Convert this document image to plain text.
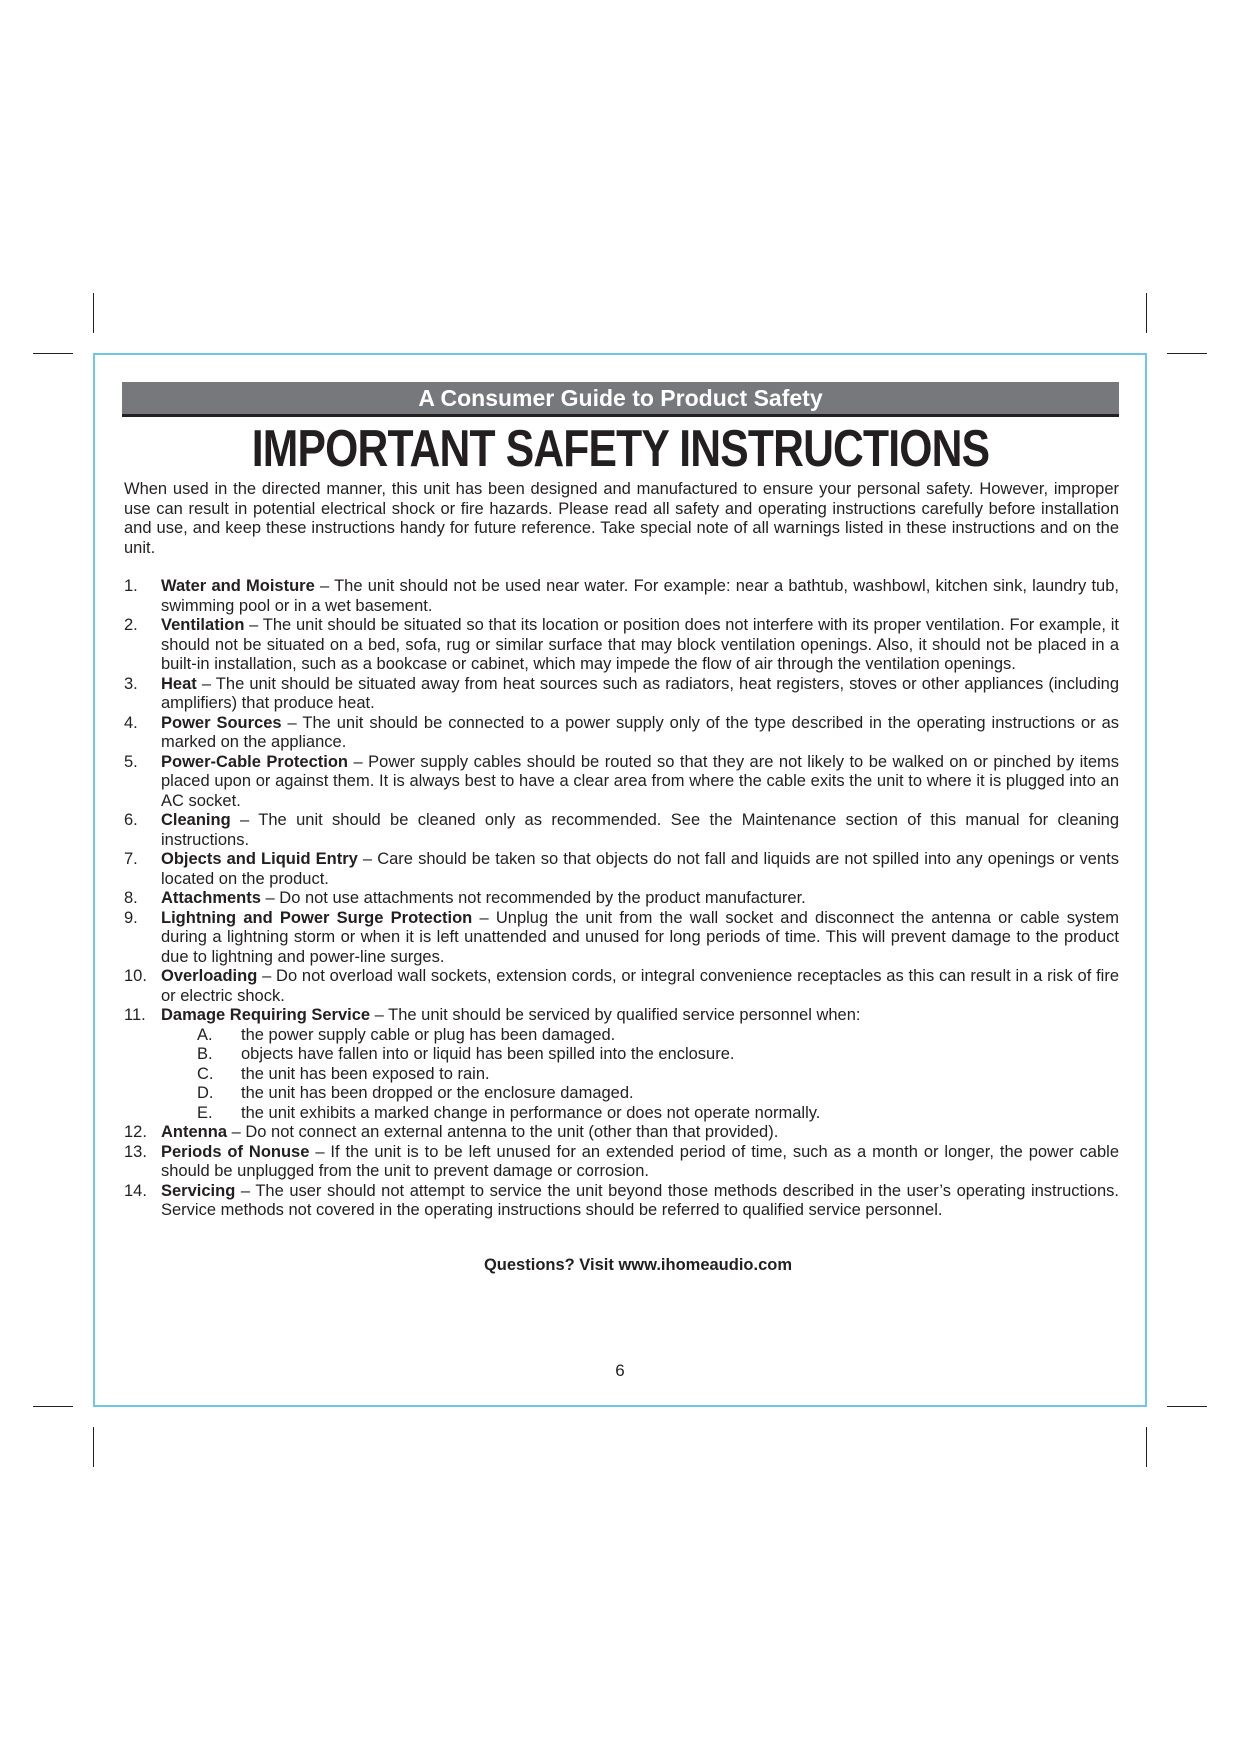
A Consumer Guide to Product Safety
IMPORTANT SAFETY INSTRUCTIONS

When used in the directed manner, this unit has been designed and manufactured to ensure your personal safety. However, improper use can result in potential electrical shock or fire hazards. Please read all safety and operating instructions carefully before installation and use, and keep these instructions handy for future reference. Take special note of all warnings listed in these instructions and on the unit.

1. Water and Moisture – The unit should not be used near water. For example: near a bathtub, washbowl, kitchen sink, laundry tub, swimming pool or in a wet basement.
2. Ventilation – The unit should be situated so that its location or position does not interfere with its proper ventilation. For example, it should not be situated on a bed, sofa, rug or similar surface that may block ventilation openings. Also, it should not be placed in a built-in installation, such as a bookcase or cabinet, which may impede the flow of air through the ventilation openings.
3. Heat – The unit should be situated away from heat sources such as radiators, heat registers, stoves or other appliances (including amplifiers) that produce heat.
4. Power Sources – The unit should be connected to a power supply only of the type described in the operating instructions or as marked on the appliance.
5. Power-Cable Protection – Power supply cables should be routed so that they are not likely to be walked on or pinched by items placed upon or against them. It is always best to have a clear area from where the cable exits the unit to where it is plugged into an AC socket.
6. Cleaning – The unit should be cleaned only as recommended. See the Maintenance section of this manual for cleaning instructions.
7. Objects and Liquid Entry – Care should be taken so that objects do not fall and liquids are not spilled into any openings or vents located on the product.
8. Attachments – Do not use attachments not recommended by the product manufacturer.
9. Lightning and Power Surge Protection – Unplug the unit from the wall socket and disconnect the antenna or cable system during a lightning storm or when it is left unattended and unused for long periods of time. This will prevent damage to the product due to lightning and power-line surges.
10. Overloading – Do not overload wall sockets, extension cords, or integral convenience receptacles as this can result in a risk of fire or electric shock.
11. Damage Requiring Service – The unit should be serviced by qualified service personnel when:
A. the power supply cable or plug has been damaged.
B. objects have fallen into or liquid has been spilled into the enclosure.
C. the unit has been exposed to rain.
D. the unit has been dropped or the enclosure damaged.
E. the unit exhibits a marked change in performance or does not operate normally.
12. Antenna – Do not connect an external antenna to the unit (other than that provided).
13. Periods of Nonuse – If the unit is to be left unused for an extended period of time, such as a month or longer, the power cable should be unplugged from the unit to prevent damage or corrosion.
14. Servicing – The user should not attempt to service the unit beyond those methods described in the user’s operating instructions. Service methods not covered in the operating instructions should be referred to qualified service personnel.
Questions? Visit www.ihomeaudio.com
6
